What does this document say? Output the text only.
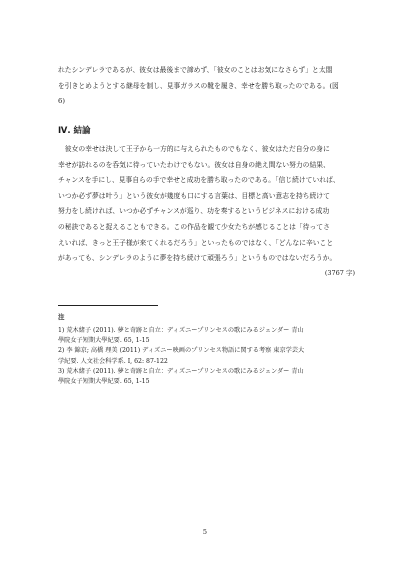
れたシンデレラであるが、彼女は最後まで諦めず、「彼女のことはお気になさらず」と太閤
を引きとめようとする継母を制し、見事ガラスの靴を履き、幸せを勝ち取ったのである。(図
6)

Ⅳ. 結論

彼女の幸せは決して王子から一方的に与えられたものでもなく、彼女はただ自分の身に
幸せが訪れるのを呑気に待っていたわけでもない。彼女は自身の絶え間ない努力の結果、
チャンスを手にし、見事自らの手で幸せと成功を勝ち取ったのである。「信じ続けていれば、
いつか必ず夢は叶う」という彼女が幾度も口にする言葉は、目標と高い意志を持ち続けて
努力をし続ければ、いつか必ずチャンスが巡り、功を奏するというビジネスにおける成功
の秘訣であると捉えることもできる。この作品を観て少女たちが感じることは「待ってさ
えいれば、きっと王子様が来てくれるだろう」といったものではなく、「どんなに辛いこと
があっても、シンデレラのように夢を持ち続けて頑張ろう」というものではないだろうか。

(3767 字)
注
1) 荒木緒子 (2011). 夢と奇跡と自立：ディズニープリンセスの歌にみるジェンダー 青山
學院女子短期大學紀要. 65, 1-15
2) 李 錦京; 高橋 理美 (2011) ディズニー映画のプリンセス物語に関する考察 東京学芸大
学紀要. 人文社会科学系. Ⅰ, 62: 87-122
3) 荒木緒子 (2011). 夢と奇跡と自立：ディズニープリンセスの歌にみるジェンダー 青山
學院女子短期大學紀要. 65, 1-15
5
